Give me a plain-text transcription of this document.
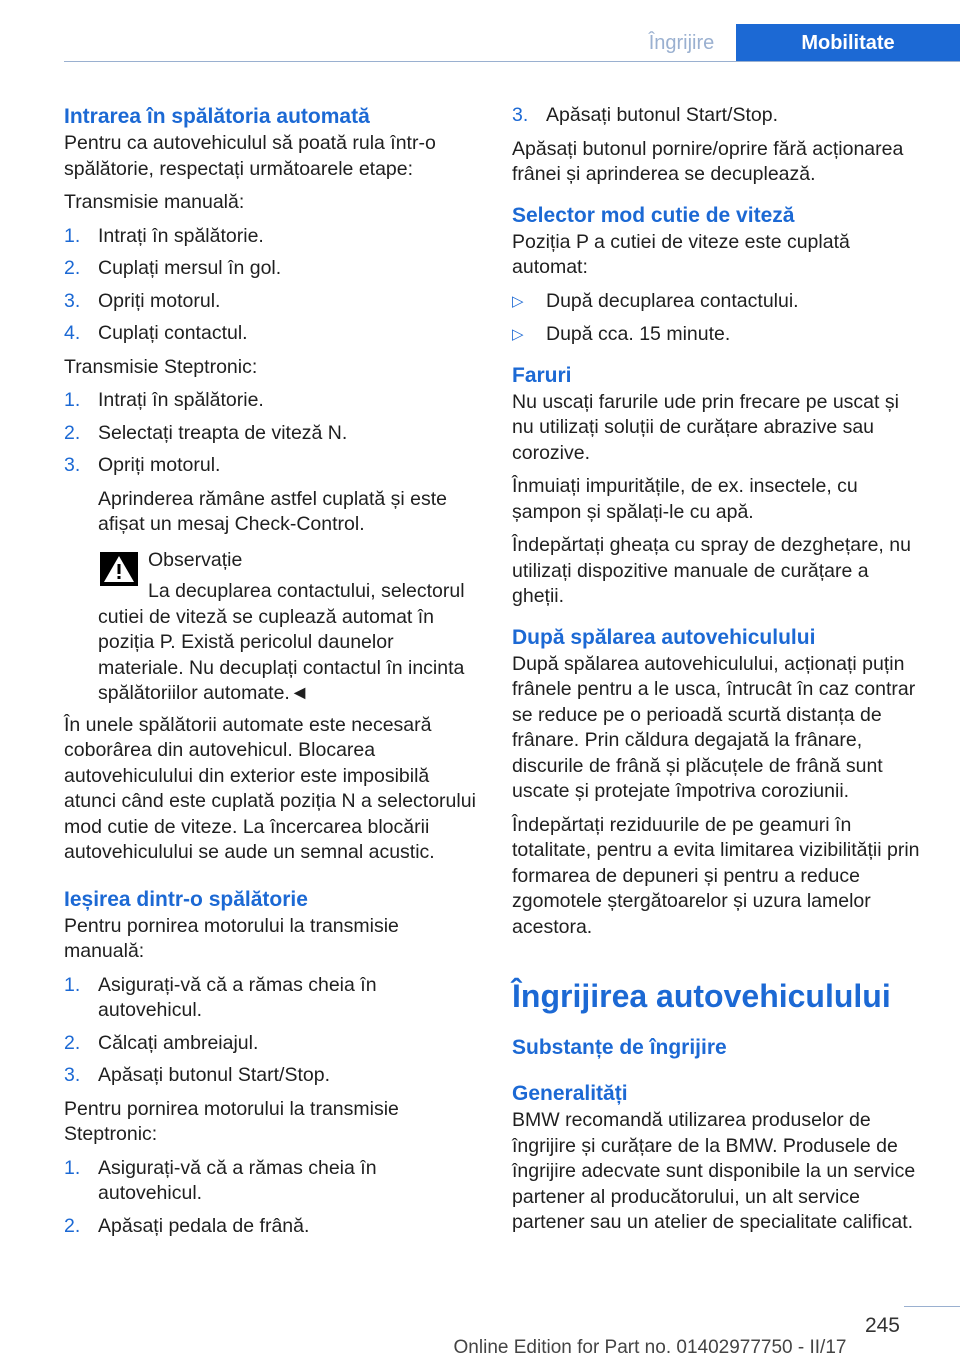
Îngrijire	Mobilitate
Intrarea în spălătoria automată

Pentru ca autovehiculul să poată rula într-o spălătorie, respectați următoarele etape:

Transmisie manuală:

1. Intrați în spălătorie.
2. Cuplați mersul în gol.
3. Opriți motorul.
4. Cuplați contactul.

Transmisie Steptronic:

1. Intrați în spălătorie.
2. Selectați treapta de viteză N.
3. Opriți motorul.

Aprinderea rămâne astfel cuplată și este afișat un mesaj Check-Control.

Observație
La decuplarea contactului, selectorul cutiei de viteză se cuplează automat în poziția P. Există pericolul daunelor materiale. Nu decuplați contactul în incinta spălătoriilor automate.◄

În unele spălătorii automate este necesară coborârea din autovehicul. Blocarea autovehiculului din exterior este imposibilă atunci când este cuplată poziția N a selectorului mod cutie de viteze. La încercarea blocării autovehiculului se aude un semnal acustic.

Ieșirea dintr-o spălătorie

Pentru pornirea motorului la transmisie manuală:

1. Asigurați-vă că a rămas cheia în autovehicul.
2. Călcați ambreiajul.
3. Apăsați butonul Start/Stop.

Pentru pornirea motorului la transmisie Steptronic:

1. Asigurați-vă că a rămas cheia în autovehicul.
2. Apăsați pedala de frână.
3. Apăsați butonul Start/Stop.

Apăsați butonul pornire/oprire fără acționarea frânei și aprinderea se decuplează.

Selector mod cutie de viteză

Poziția P a cutiei de viteze este cuplată automat:

▷ După decuplarea contactului.
▷ După cca. 15 minute.
Faruri

Nu uscați farurile ude prin frecare pe uscat și nu utilizați soluții de curățare abrazive sau corozive.

Înmuiați impuritățile, de ex. insectele, cu șampon și spălați-le cu apă.

Îndepărtați gheața cu spray de dezghețare, nu utilizați dispozitive manuale de curățare a gheții.

După spălarea autovehiculului

După spălarea autovehiculului, acționați puțin frânele pentru a le usca, întrucât în caz contrar se reduce pe o perioadă scurtă distanța de frânare. Prin căldura degajată la frânare, discurile de frână și plăcuțele de frână sunt uscate și protejate împotriva coroziunii.

Îndepărtați reziduurile de pe geamuri în totalitate, pentru a evita limitarea vizibilității prin formarea de depuneri și pentru a reduce zgomotele ștergătoarelor și uzura lamelor acestora.

Îngrijirea autovehiculului
Substanțe de îngrijire
Generalități

BMW recomandă utilizarea produselor de îngrijire și curățare de la BMW. Produsele de îngrijire adecvate sunt disponibile la un service partener al producătorului, un alt service partener sau un atelier de specialitate calificat.

245
Online Edition for Part no. 01402977750 - II/17
